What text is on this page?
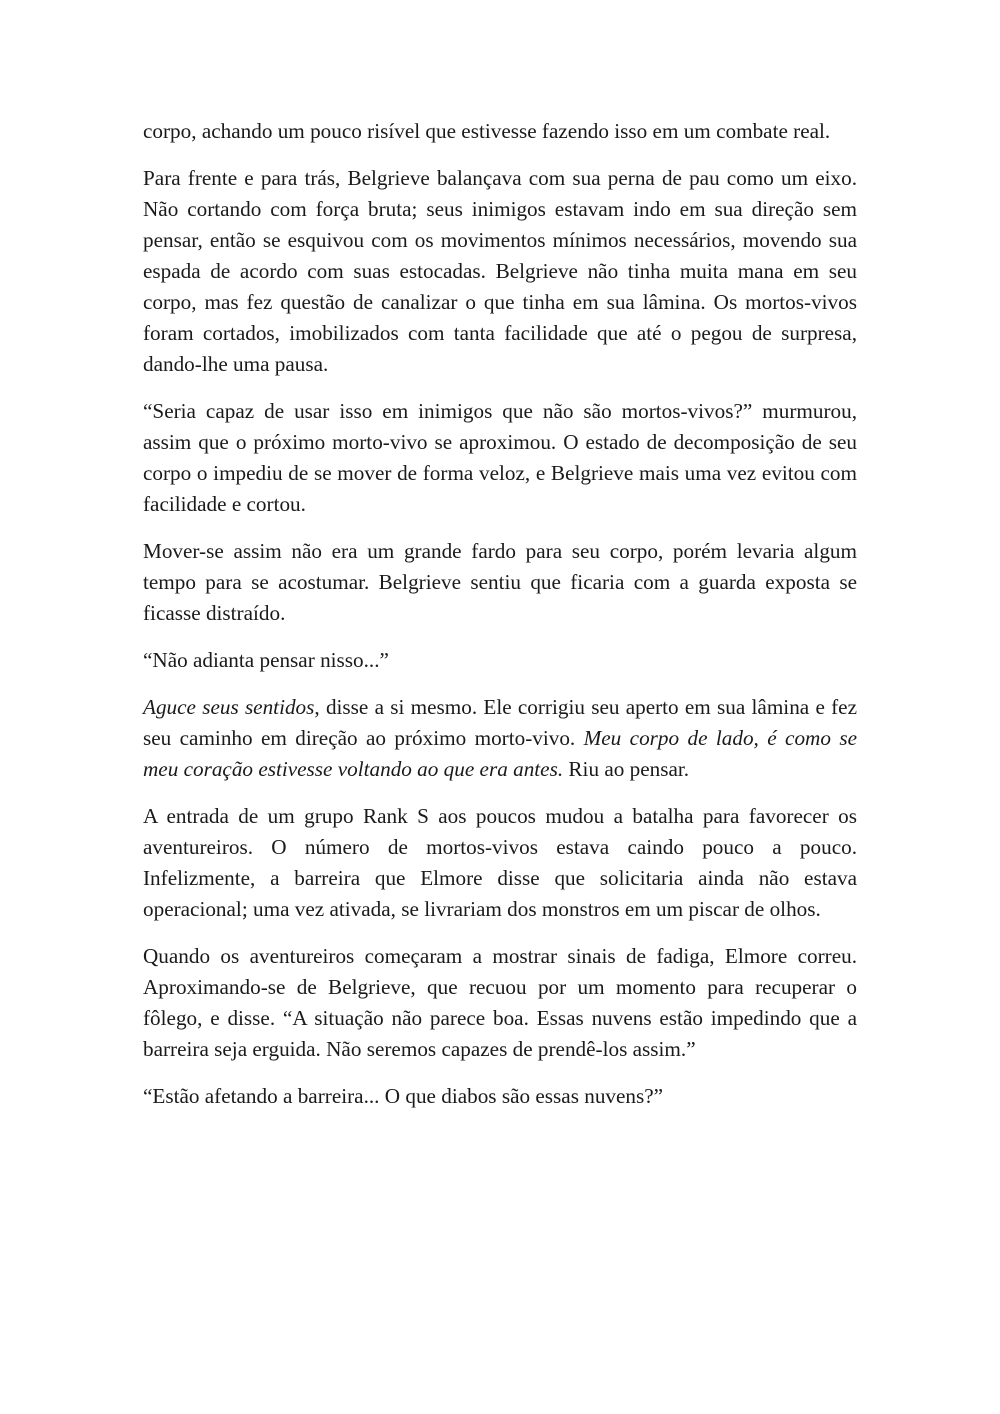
corpo, achando um pouco risível que estivesse fazendo isso em um combate real.

Para frente e para trás, Belgrieve balançava com sua perna de pau como um eixo. Não cortando com força bruta; seus inimigos estavam indo em sua direção sem pensar, então se esquivou com os movimentos mínimos necessários, movendo sua espada de acordo com suas estocadas. Belgrieve não tinha muita mana em seu corpo, mas fez questão de canalizar o que tinha em sua lâmina. Os mortos-vivos foram cortados, imobilizados com tanta facilidade que até o pegou de surpresa, dando-lhe uma pausa.

“Seria capaz de usar isso em inimigos que não são mortos-vivos?” murmurou, assim que o próximo morto-vivo se aproximou. O estado de decomposição de seu corpo o impediu de se mover de forma veloz, e Belgrieve mais uma vez evitou com facilidade e cortou.

Mover-se assim não era um grande fardo para seu corpo, porém levaria algum tempo para se acostumar. Belgrieve sentiu que ficaria com a guarda exposta se ficasse distraído.

“Não adianta pensar nisso...”

Aguce seus sentidos, disse a si mesmo. Ele corrigiu seu aperto em sua lâmina e fez seu caminho em direção ao próximo morto-vivo. Meu corpo de lado, é como se meu coração estivesse voltando ao que era antes. Riu ao pensar.

A entrada de um grupo Rank S aos poucos mudou a batalha para favorecer os aventureiros. O número de mortos-vivos estava caindo pouco a pouco. Infelizmente, a barreira que Elmore disse que solicitaria ainda não estava operacional; uma vez ativada, se livrariam dos monstros em um piscar de olhos.

Quando os aventureiros começaram a mostrar sinais de fadiga, Elmore correu. Aproximando-se de Belgrieve, que recuou por um momento para recuperar o fôlego, e disse. “A situação não parece boa. Essas nuvens estão impedindo que a barreira seja erguida. Não seremos capazes de prendê-los assim.”

“Estão afetando a barreira... O que diabos são essas nuvens?”
